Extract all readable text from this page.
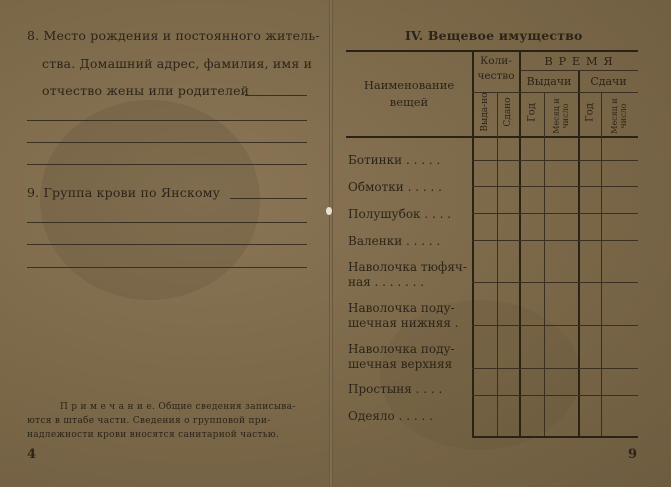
8. Место рождения и постоянного житель-
ства. Домашний адрес, фамилия, имя и
отчество жены или родителей
9. Группа крови по Янскому
П р и м е ч а н и е. Общие сведения записыва-
ются в штабе части. Сведения о групповой при-
надлежности крови вносятся санитарной частью.
4
IV. Вещевое имущество
Наименование
вещей
Коли-
чество
В Р Е М Я
Выдачи	Сдачи
Выда-но Сдано Год Месяц и число Год Месяц и число
Ботинки . . . . .
Обмотки . . . . .
Полушубок . . . .
Валенки . . . . .
Наволочка тюфяч-
ная . . . . . . .
Наволочка поду-
шечная нижняя .
Наволочка поду-
шечная верхняя
Простыня . . . .
Одеяло . . . . .
9
